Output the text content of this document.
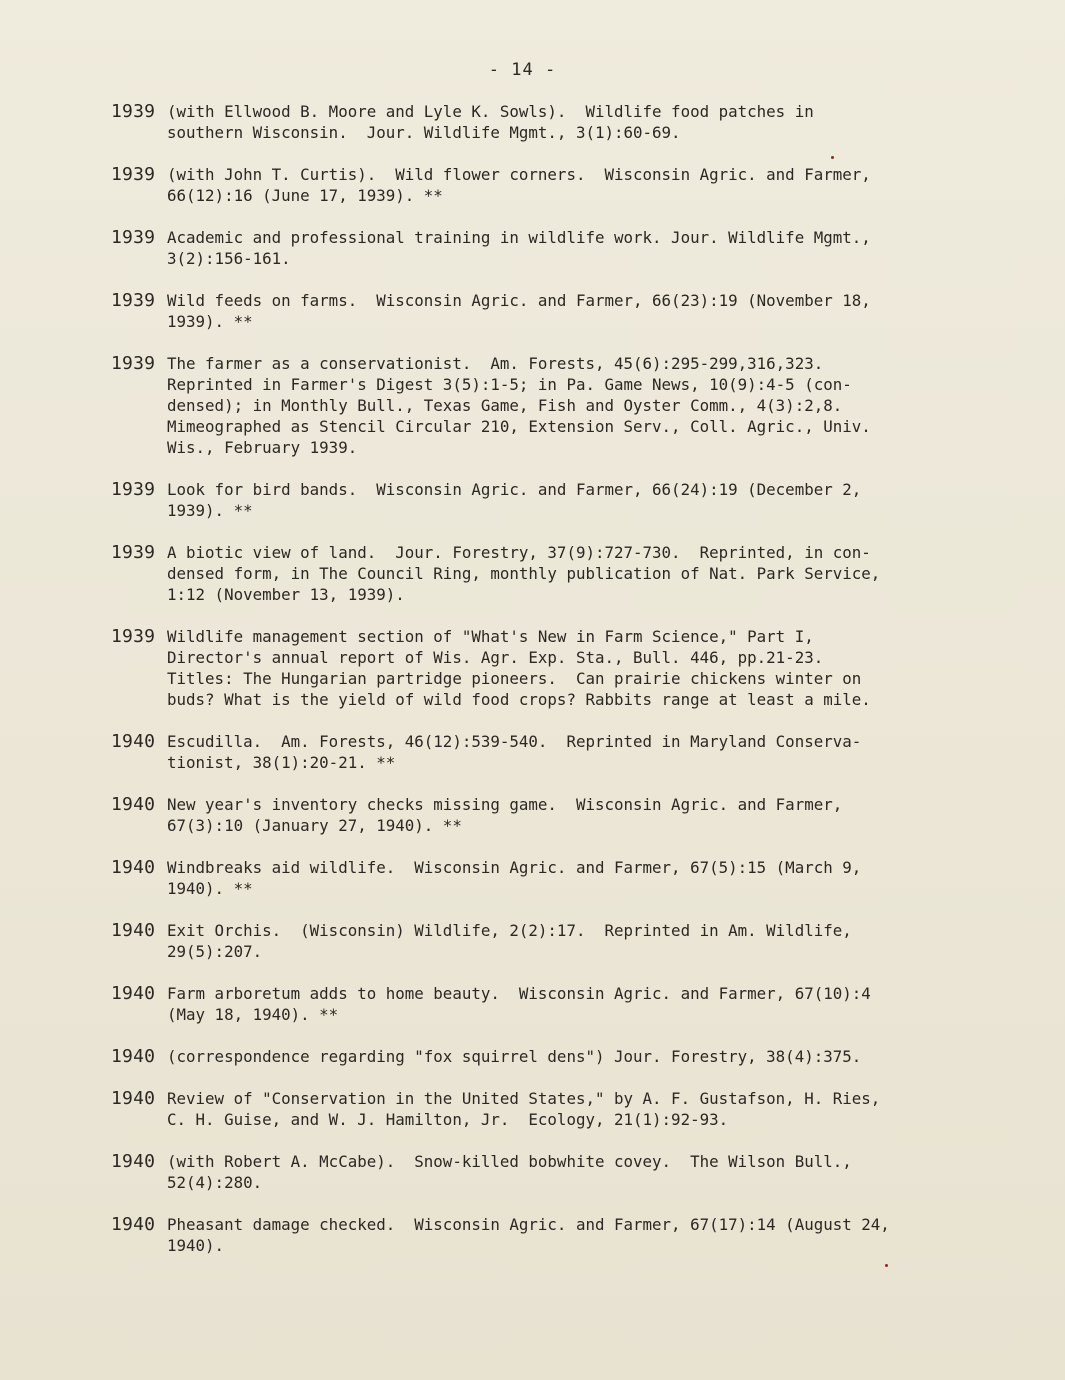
- 14 -
1939 (with Ellwood B. Moore and Lyle K. Sowls).  Wildlife food patches in
southern Wisconsin.  Jour. Wildlife Mgmt., 3(1):60-69.
1939 (with John T. Curtis).  Wild flower corners.  Wisconsin Agric. and Farmer,
66(12):16 (June 17, 1939). **
1939 Academic and professional training in wildlife work. Jour. Wildlife Mgmt.,
3(2):156-161.
1939 Wild feeds on farms.  Wisconsin Agric. and Farmer, 66(23):19 (November 18,
1939). **
1939 The farmer as a conservationist.  Am. Forests, 45(6):295-299,316,323.
Reprinted in Farmer's Digest 3(5):1-5; in Pa. Game News, 10(9):4-5 (con-
densed); in Monthly Bull., Texas Game, Fish and Oyster Comm., 4(3):2,8.
Mimeographed as Stencil Circular 210, Extension Serv., Coll. Agric., Univ.
Wis., February 1939.
1939 Look for bird bands.  Wisconsin Agric. and Farmer, 66(24):19 (December 2,
1939). **
1939 A biotic view of land.  Jour. Forestry, 37(9):727-730.  Reprinted, in con-
densed form, in The Council Ring, monthly publication of Nat. Park Service,
1:12 (November 13, 1939).
1939 Wildlife management section of "What's New in Farm Science," Part I,
Director's annual report of Wis. Agr. Exp. Sta., Bull. 446, pp.21-23.
Titles: The Hungarian partridge pioneers.  Can prairie chickens winter on
buds? What is the yield of wild food crops? Rabbits range at least a mile.
1940 Escudilla.  Am. Forests, 46(12):539-540.  Reprinted in Maryland Conserva-
tionist, 38(1):20-21. **
1940 New year's inventory checks missing game.  Wisconsin Agric. and Farmer,
67(3):10 (January 27, 1940). **
1940 Windbreaks aid wildlife.  Wisconsin Agric. and Farmer, 67(5):15 (March 9,
1940). **
1940 Exit Orchis.  (Wisconsin) Wildlife, 2(2):17.  Reprinted in Am. Wildlife,
29(5):207.
1940 Farm arboretum adds to home beauty.  Wisconsin Agric. and Farmer, 67(10):4
(May 18, 1940). **
1940 (correspondence regarding "fox squirrel dens") Jour. Forestry, 38(4):375.
1940 Review of "Conservation in the United States," by A. F. Gustafson, H. Ries,
C. H. Guise, and W. J. Hamilton, Jr.  Ecology, 21(1):92-93.
1940 (with Robert A. McCabe).  Snow-killed bobwhite covey.  The Wilson Bull.,
52(4):280.
1940 Pheasant damage checked.  Wisconsin Agric. and Farmer, 67(17):14 (August 24,
1940).
